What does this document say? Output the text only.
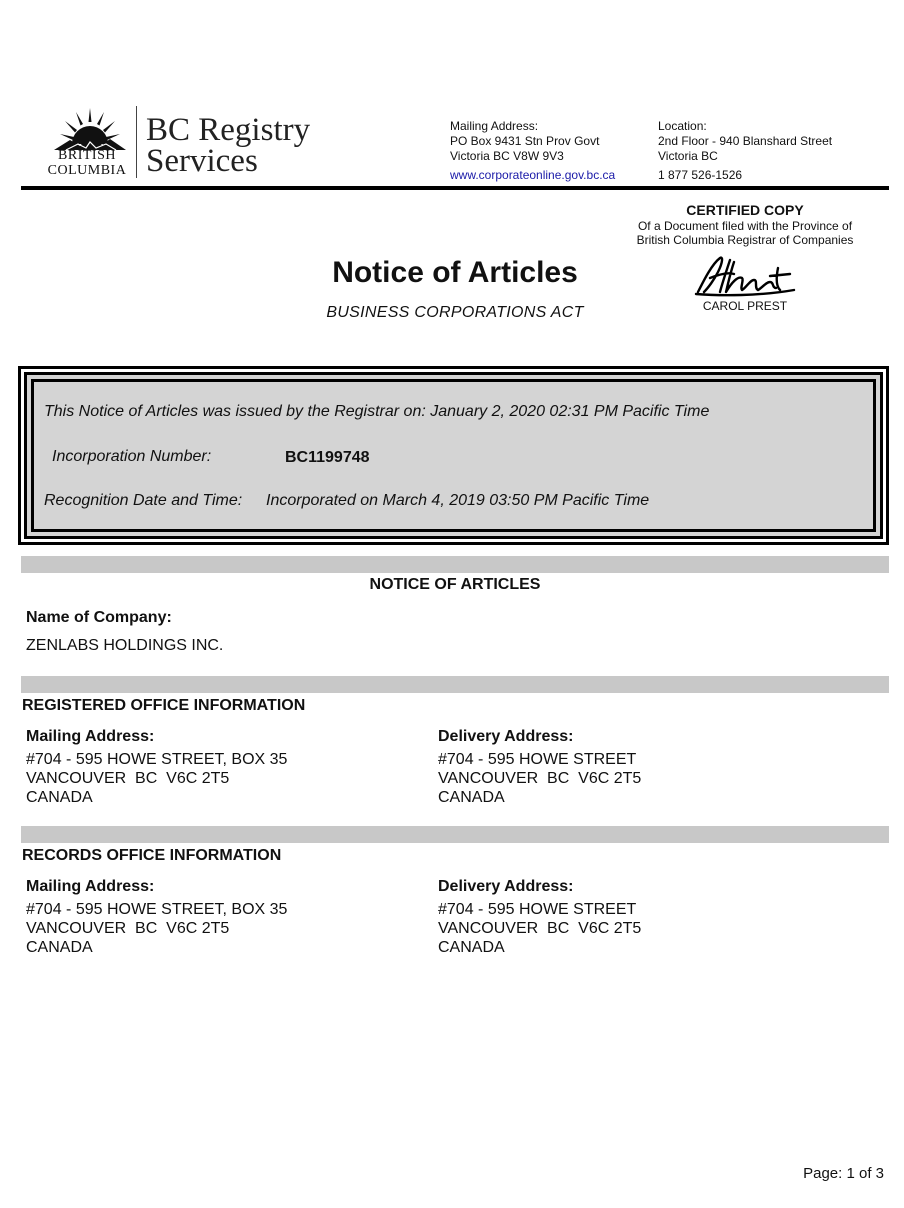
BRITISH
COLUMBIA
BC Registry
Services
Mailing Address:
PO Box 9431 Stn Prov Govt
Victoria BC V8W 9V3
www.corporateonline.gov.bc.ca
Location:
2nd Floor - 940 Blanshard Street
Victoria BC
1 877 526-1526
CERTIFIED COPY
Of a Document filed with the Province of
British Columbia Registrar of Companies
CAROL PREST
Notice of Articles
BUSINESS CORPORATIONS ACT
This Notice of Articles was issued by the Registrar on: January 2, 2020 02:31 PM Pacific Time
Incorporation Number:	BC1199748
Recognition Date and Time: Incorporated on March 4, 2019 03:50 PM Pacific Time
NOTICE OF ARTICLES
Name of Company:
ZENLABS HOLDINGS INC.
REGISTERED OFFICE INFORMATION
Mailing Address:
#704 - 595 HOWE STREET, BOX 35
VANCOUVER  BC  V6C 2T5
CANADA
Delivery Address:
#704 - 595 HOWE STREET
VANCOUVER  BC  V6C 2T5
CANADA
RECORDS OFFICE INFORMATION
Mailing Address:
#704 - 595 HOWE STREET, BOX 35
VANCOUVER  BC  V6C 2T5
CANADA
Delivery Address:
#704 - 595 HOWE STREET
VANCOUVER  BC  V6C 2T5
CANADA
Page: 1 of 3
